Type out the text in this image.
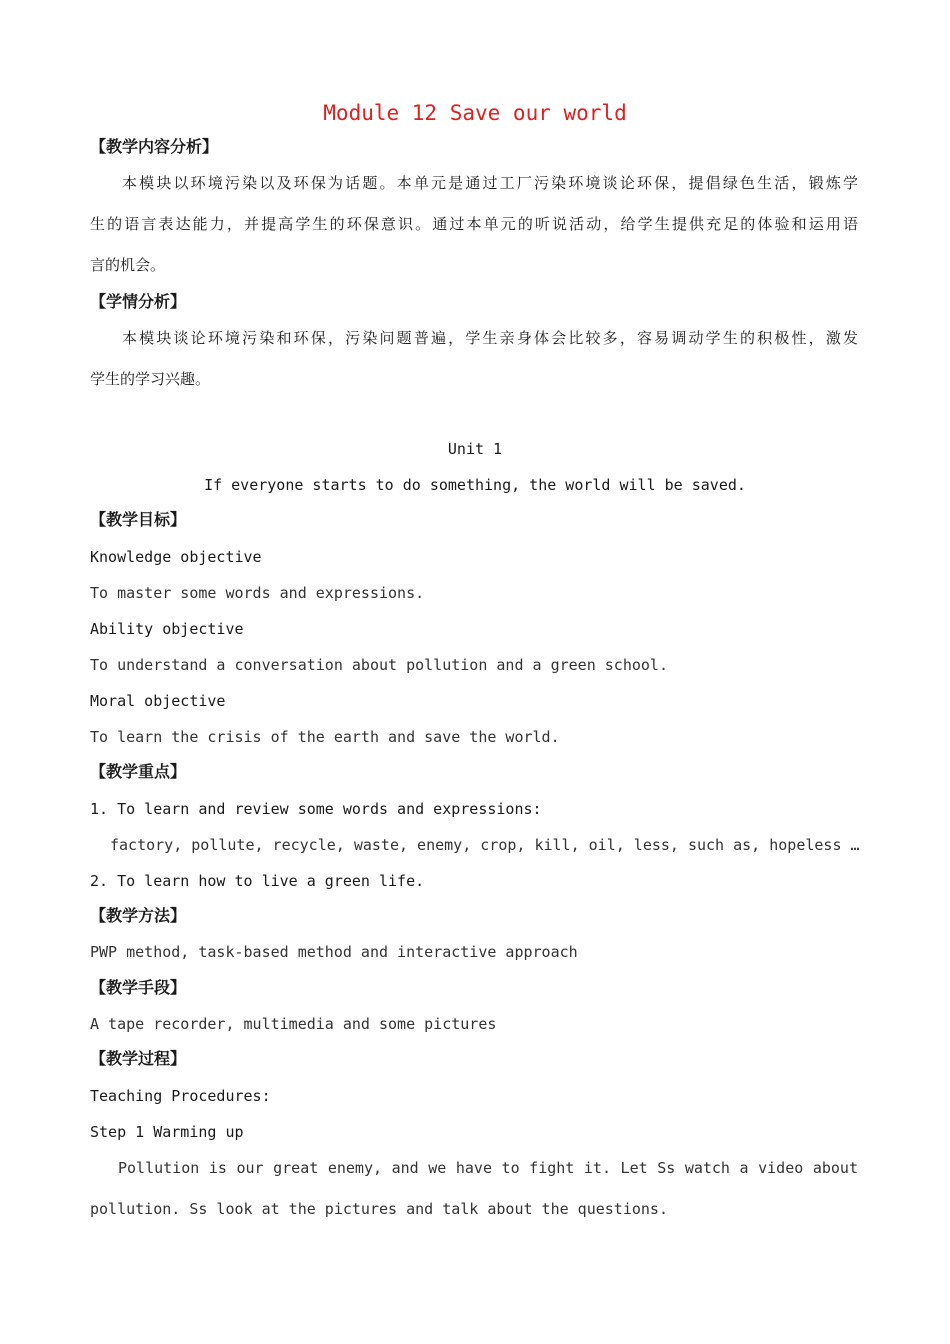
Module 12 Save our world
【教学内容分析】
本模块以环境污染以及环保为话题。本单元是通过工厂污染环境谈论环保，提倡绿色生活，锻炼学
生的语言表达能力，并提高学生的环保意识。通过本单元的听说活动，给学生提供充足的体验和运用语
言的机会。
【学情分析】
本模块谈论环境污染和环保，污染问题普遍，学生亲身体会比较多，容易调动学生的积极性，激发
学生的学习兴趣。
Unit 1
If everyone starts to do something, the world will be saved.
【教学目标】
Knowledge objective
To master some words and expressions.
Ability objective
To understand a conversation about pollution and a green school.
Moral objective
To learn the crisis of the earth and save the world.
【教学重点】
1. To learn and review some words and expressions:
factory, pollute, recycle, waste, enemy, crop, kill, oil, less, such as, hopeless …
2. To learn how to live a green life.
【教学方法】
PWP method, task-based method and interactive approach
【教学手段】
A tape recorder, multimedia and some pictures
【教学过程】
Teaching Procedures:
Step 1 Warming up
Pollution is our great enemy, and we have to fight it. Let Ss watch a video about
pollution. Ss look at the pictures and talk about the questions.
